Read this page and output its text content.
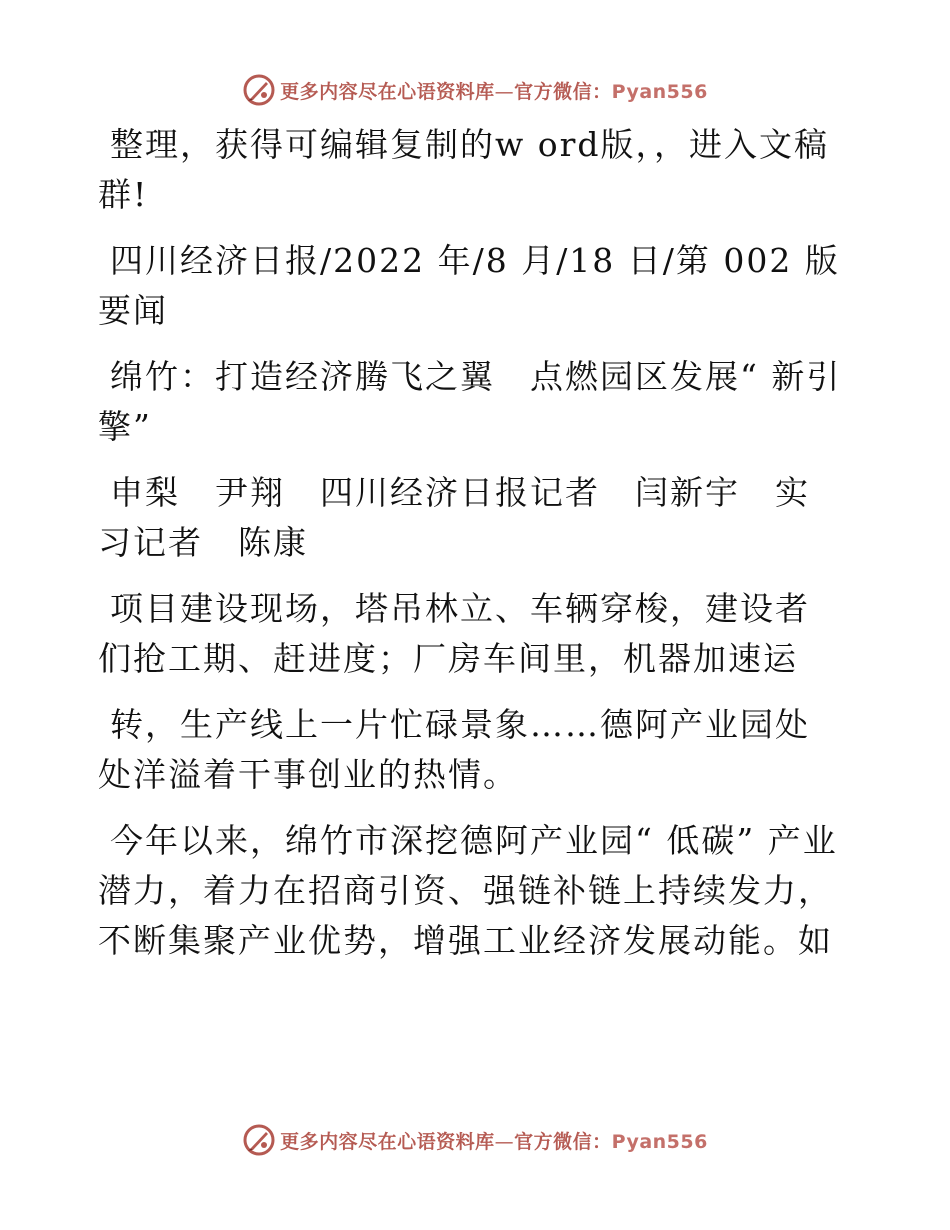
更多内容尽在心语资料库—官方微信：Pyan556

整理，获得可编辑复制的w ord版，，进入文稿群!

四川经济日报/2022 年/8 月/18 日/第 002 版要闻

绵竹：打造经济腾飞之翼　点燃园区发展“ 新引擎”

申梨　尹翔　四川经济日报记者　闫新宇　实习记者　陈康

项目建设现场，塔吊林立、车辆穿梭，建设者们抢工期、赶进度；厂房车间里，机器加速运

转，生产线上一片忙碌景象……德阿产业园处处洋溢着干事创业的热情。

今年以来，绵竹市深挖德阿产业园“ 低碳” 产业潜力，着力在招商引资、强链补链上持续发力，不断集聚产业优势，增强工业经济发展动能。如

更多内容尽在心语资料库—官方微信：Pyan556
